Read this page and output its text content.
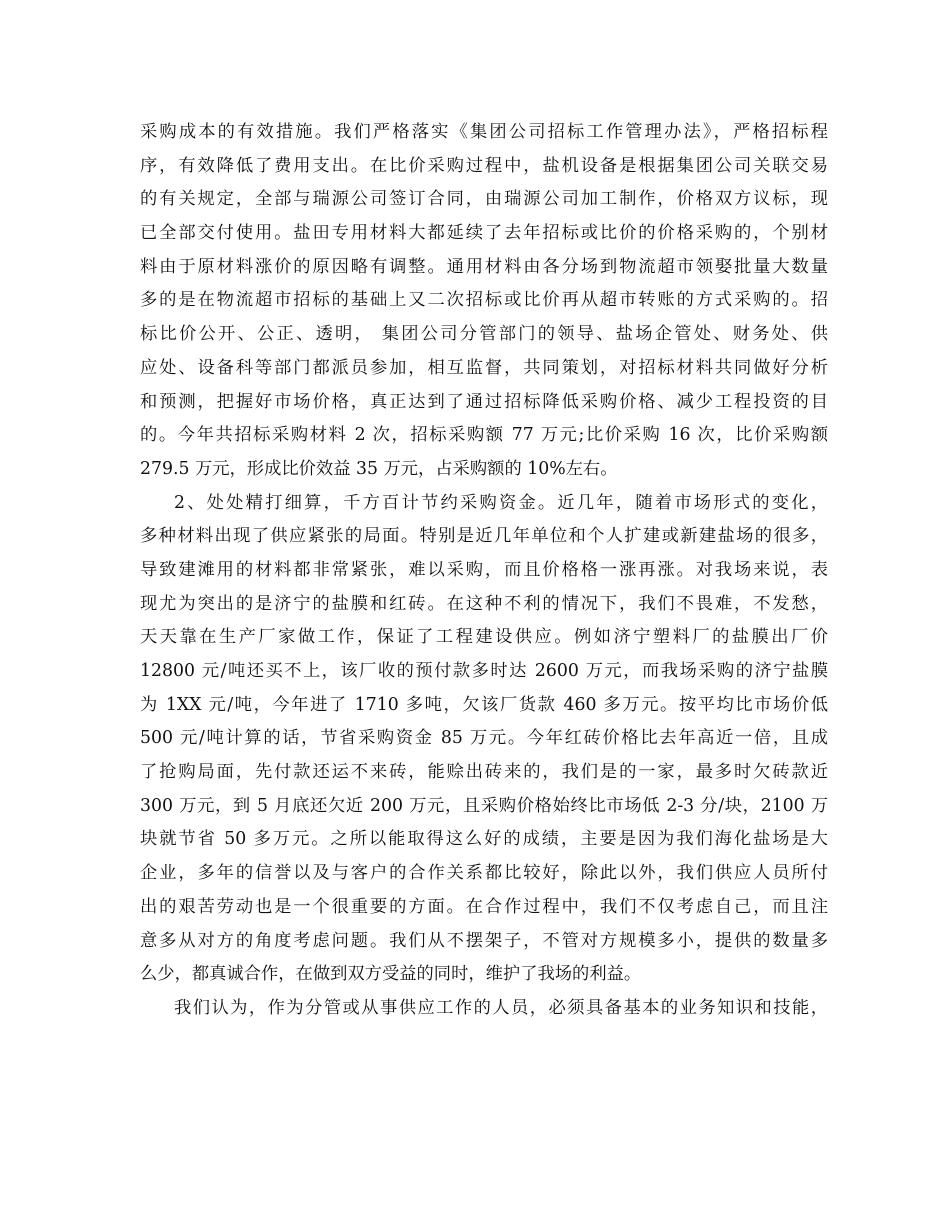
采购成本的有效措施。我们严格落实《集团公司招标工作管理办法》，严格招标程
序，有效降低了费用支出。在比价采购过程中，盐机设备是根据集团公司关联交易
的有关规定，全部与瑞源公司签订合同，由瑞源公司加工制作，价格双方议标，现
已全部交付使用。盐田专用材料大都延续了去年招标或比价的价格采购的，个别材
料由于原材料涨价的原因略有调整。通用材料由各分场到物流超市领娶批量大数量
多的是在物流超市招标的基础上又二次招标或比价再从超市转账的方式采购的。招
标比价公开、公正、透明， 集团公司分管部门的领导、盐场企管处、财务处、供
应处、设备科等部门都派员参加，相互监督，共同策划，对招标材料共同做好分析
和预测，把握好市场价格，真正达到了通过招标降低采购价格、减少工程投资的目
的。今年共招标采购材料 2 次，招标采购额 77 万元;比价采购 16 次，比价采购额
279.5 万元，形成比价效益 35 万元，占采购额的 10%左右。
2、处处精打细算，千方百计节约采购资金。近几年，随着市场形式的变化，
多种材料出现了供应紧张的局面。特别是近几年单位和个人扩建或新建盐场的很多，
导致建滩用的材料都非常紧张，难以采购，而且价格格一涨再涨。对我场来说，表
现尤为突出的是济宁的盐膜和红砖。在这种不利的情况下，我们不畏难，不发愁，
天天靠在生产厂家做工作，保证了工程建设供应。例如济宁塑料厂的盐膜出厂价
12800 元/吨还买不上，该厂收的预付款多时达 2600 万元，而我场采购的济宁盐膜
为 1XX 元/吨，今年进了 1710 多吨，欠该厂货款 460 多万元。按平均比市场价低
500 元/吨计算的话，节省采购资金 85 万元。今年红砖价格比去年高近一倍，且成
了抢购局面，先付款还运不来砖，能赊出砖来的，我们是的一家，最多时欠砖款近
300 万元，到 5 月底还欠近 200 万元，且采购价格始终比市场低 2-3 分/块，2100 万
块就节省 50 多万元。之所以能取得这么好的成绩，主要是因为我们海化盐场是大
企业，多年的信誉以及与客户的合作关系都比较好，除此以外，我们供应人员所付
出的艰苦劳动也是一个很重要的方面。在合作过程中，我们不仅考虑自己，而且注
意多从对方的角度考虑问题。我们从不摆架子，不管对方规模多小，提供的数量多
么少，都真诚合作，在做到双方受益的同时，维护了我场的利益。
我们认为，作为分管或从事供应工作的人员，必须具备基本的业务知识和技能，
